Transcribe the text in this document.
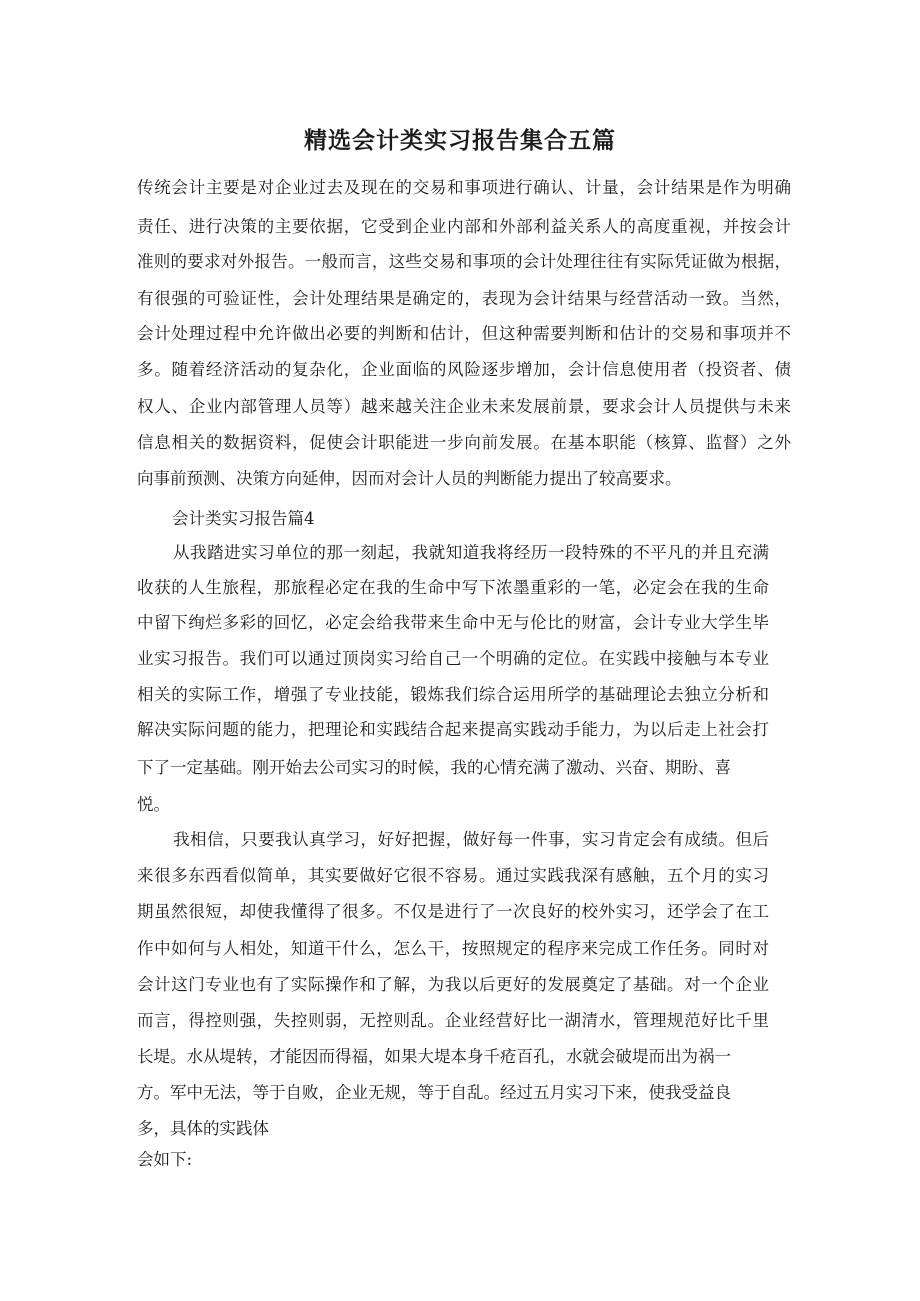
精选会计类实习报告集合五篇
传统会计主要是对企业过去及现在的交易和事项进行确认、计量，会计结果是作为明确
责任、进行决策的主要依据，它受到企业内部和外部利益关系人的高度重视，并按会计
准则的要求对外报告。一般而言，这些交易和事项的会计处理往往有实际凭证做为根据，
有很强的可验证性，会计处理结果是确定的，表现为会计结果与经营活动一致。当然，
会计处理过程中允许做出必要的判断和估计，但这种需要判断和估计的交易和事项并不
多。随着经济活动的复杂化，企业面临的风险逐步增加，会计信息使用者（投资者、债
权人、企业内部管理人员等）越来越关注企业未来发展前景，要求会计人员提供与未来
信息相关的数据资料，促使会计职能进一步向前发展。在基本职能（核算、监督）之外
向事前预测、决策方向延伸，因而对会计人员的判断能力提出了较高要求。
会计类实习报告篇4
从我踏进实习单位的那一刻起，我就知道我将经历一段特殊的不平凡的并且充满
收获的人生旅程，那旅程必定在我的生命中写下浓墨重彩的一笔，必定会在我的生命
中留下绚烂多彩的回忆，必定会给我带来生命中无与伦比的财富，会计专业大学生毕
业实习报告。我们可以通过顶岗实习给自己一个明确的定位。在实践中接触与本专业
相关的实际工作，增强了专业技能，锻炼我们综合运用所学的基础理论去独立分析和
解决实际问题的能力，把理论和实践结合起来提高实践动手能力，为以后走上社会打
下了一定基础。刚开始去公司实习的时候，我的心情充满了激动、兴奋、期盼、喜
悦。
我相信，只要我认真学习，好好把握，做好每一件事，实习肯定会有成绩。但后
来很多东西看似简单，其实要做好它很不容易。通过实践我深有感触，五个月的实习
期虽然很短，却使我懂得了很多。不仅是进行了一次良好的校外实习，还学会了在工
作中如何与人相处，知道干什么，怎么干，按照规定的程序来完成工作任务。同时对
会计这门专业也有了实际操作和了解，为我以后更好的发展奠定了基础。对一个企业
而言，得控则强，失控则弱，无控则乱。企业经营好比一湖清水，管理规范好比千里
长堤。水从堤转，才能因而得福，如果大堤本身千疮百孔，水就会破堤而出为祸一
方。军中无法，等于自败，企业无规，等于自乱。经过五月实习下来，使我受益良
多，具体的实践体
会如下:
